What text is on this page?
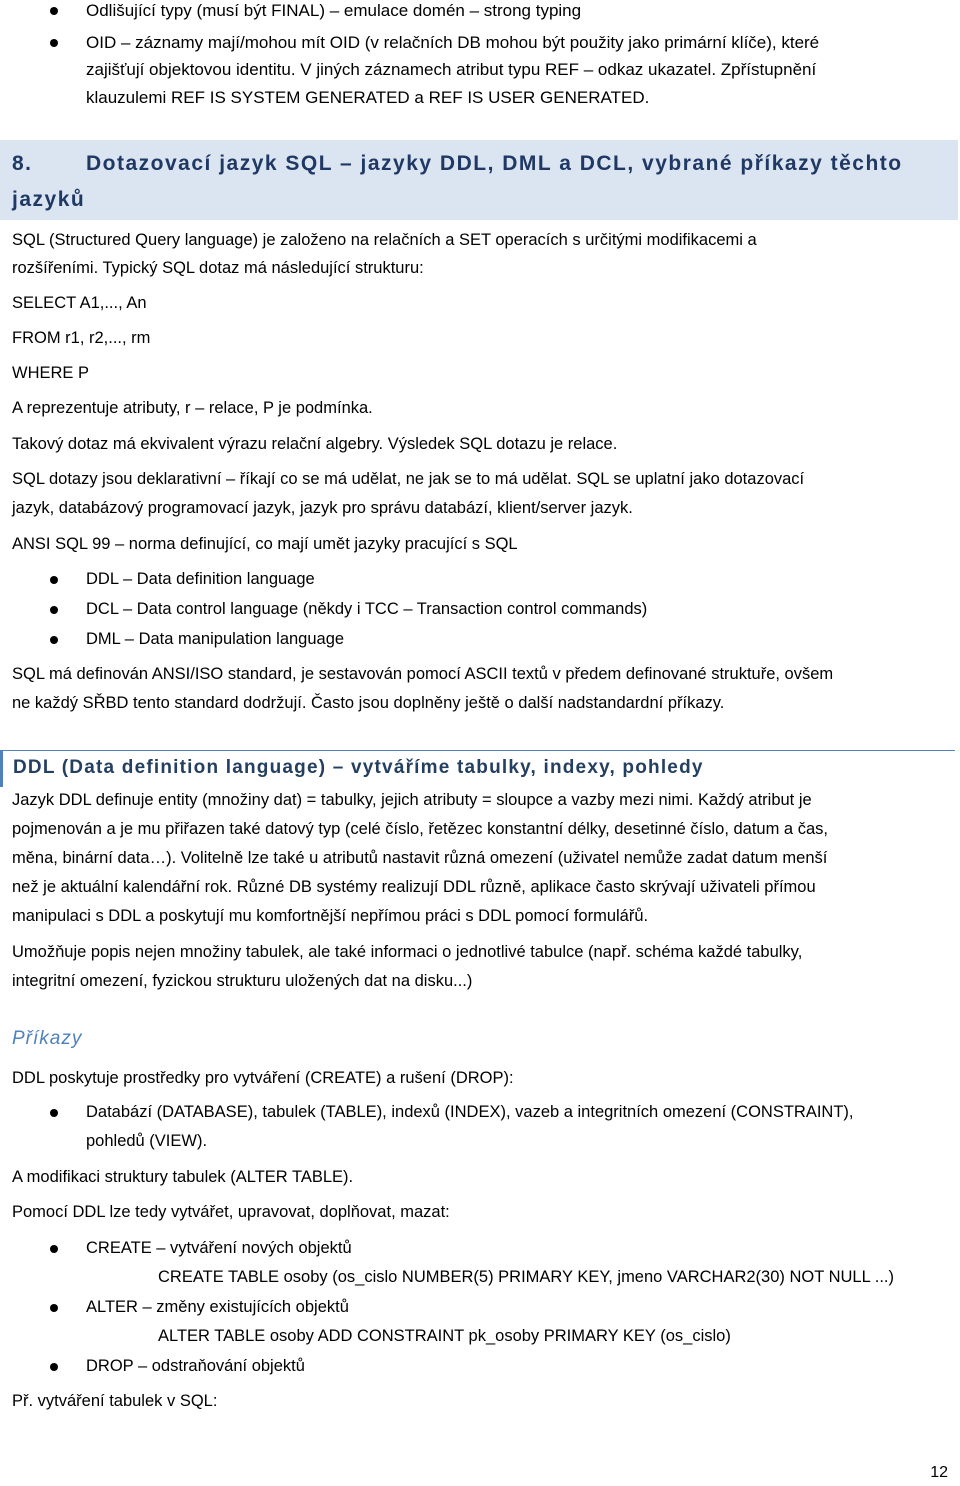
Odlišující typy (musí být FINAL) – emulace domén – strong typing
OID – záznamy mají/mohou mít OID (v relačních DB mohou být použity jako primární klíče), které
zajišťují objektovou identitu. V jiných záznamech atribut typu REF – odkaz ukazatel. Zpřístupnění
klauzulemi REF IS SYSTEM GENERATED a REF IS USER GENERATED.
8.	Dotazovací jazyk SQL – jazyky DDL, DML a DCL, vybrané příkazy těchto
jazyků
SQL (Structured Query language) je založeno na relačních a SET operacích s určitými modifikacemi a
rozšířeními. Typický SQL dotaz má následující strukturu:
SELECT A1,..., An
FROM r1, r2,..., rm
WHERE P
A reprezentuje atributy, r – relace, P je podmínka.
Takový dotaz má ekvivalent výrazu relační algebry. Výsledek SQL dotazu je relace.
SQL dotazy jsou deklarativní – říkají co se má udělat, ne jak se to má udělat. SQL se uplatní jako dotazovací
jazyk, databázový programovací jazyk, jazyk pro správu databází, klient/server jazyk.
ANSI SQL 99 – norma definující, co mají umět jazyky pracující s SQL
DDL – Data definition language
DCL – Data control language (někdy i TCC – Transaction control commands)
DML – Data manipulation language
SQL má definován ANSI/ISO standard, je sestavován pomocí ASCII textů v předem definované struktuře, ovšem
ne každý SŘBD tento standard dodržují. Často jsou doplněny ještě o další nadstandardní příkazy.
DDL (Data definition language) – vytváříme tabulky, indexy, pohledy
Jazyk DDL definuje entity (množiny dat) = tabulky, jejich atributy = sloupce a vazby mezi nimi. Každý atribut je
pojmenován a je mu přiřazen také datový typ (celé číslo, řetězec konstantní délky, desetinné číslo, datum a čas,
měna, binární data…). Volitelně lze také u atributů nastavit různá omezení (uživatel nemůže zadat datum menší
než je aktuální kalendářní rok. Různé DB systémy realizují DDL různě, aplikace často skrývají uživateli přímou
manipulaci s DDL a poskytují mu komfortnější nepřímou práci s DDL pomocí formulářů.
Umožňuje popis nejen množiny tabulek, ale také informaci o jednotlivé tabulce (např. schéma každé tabulky,
integritní omezení, fyzickou strukturu uložených dat na disku...)
Příkazy
DDL poskytuje prostředky pro vytváření (CREATE) a rušení (DROP):
Databází (DATABASE), tabulek (TABLE), indexů (INDEX), vazeb a integritních omezení (CONSTRAINT),
pohledů (VIEW).
A modifikaci struktury tabulek (ALTER TABLE).
Pomocí DDL lze tedy vytvářet, upravovat, doplňovat, mazat:
CREATE – vytváření nových objektů
CREATE TABLE osoby (os_cislo NUMBER(5) PRIMARY KEY, jmeno VARCHAR2(30) NOT NULL ...)
ALTER – změny existujících objektů
ALTER TABLE osoby ADD CONSTRAINT pk_osoby PRIMARY KEY (os_cislo)
DROP – odstraňování objektů
Př. vytváření tabulek v SQL:
12
